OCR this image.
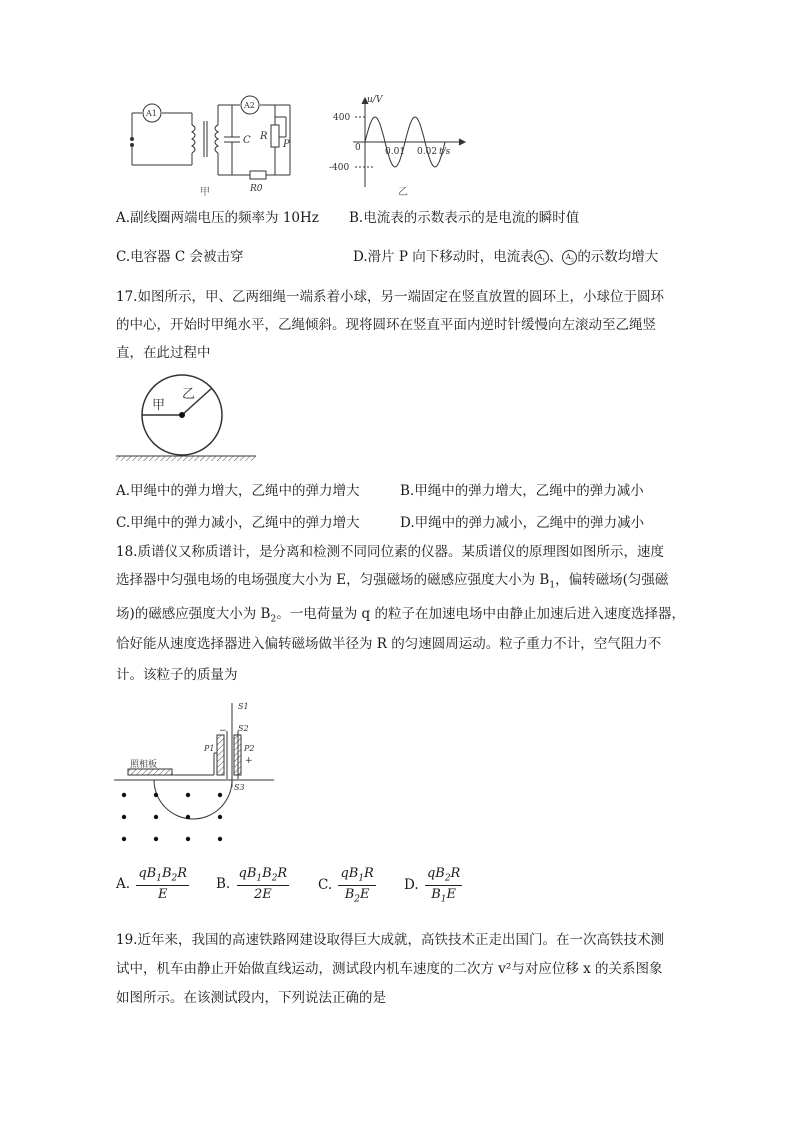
A1
A2
C R
P
R0
甲
u/V
400
-400
0	0.01 0.02 t/s
乙
A.副线圈两端电压的频率为 10Hz B.电流表的示数表示的是电流的瞬时值
C.电容器 C 会被击穿	D.滑片 P 向下移动时，电流表 $A_1$ 、 $A_2$ 的示数均增大
17.如图所示，甲、乙两细绳一端系着小球，另一端固定在竖直放置的圆环上，小球位于圆环
的中心，开始时甲绳水平，乙绳倾斜。现将圆环在竖直平面内逆时针缓慢向左滚动至乙绳竖
直，在此过程中
甲
乙
A.甲绳中的弹力增大，乙绳中的弹力增大	B.甲绳中的弹力增大，乙绳中的弹力减小
C.甲绳中的弹力减小，乙绳中的弹力增大	D.甲绳中的弹力减小，乙绳中的弹力减小
18.质谱仪又称质谱计，是分离和检测不同同位素的仪器。某质谱仪的原理图如图所示，速度
选择器中匀强电场的电场强度大小为 E，匀强磁场的磁感应强度大小为 $B_1$，偏转磁场(匀强磁
场)的磁感应强度大小为 $B_2$。一电荷量为 q 的粒子在加速电场中由静止加速后进入速度选择器，
恰好能从速度选择器进入偏转磁场做半径为 R 的匀速圆周运动。粒子重力不计，空气阻力不
计。该粒子的质量为
S1
S2
S3
P1	P2
−
+
照相板
A. $\frac{qB_1B_2R}{E} B$. $\frac{qB_1B_2R}{2E} C$. $\frac{qB_1R}{B_2E} D$. $\frac{qB_2R}{B_1E}$
19.近年来，我国的高速铁路网建设取得巨大成就，高铁技术正走出国门。在一次高铁技术测
试中，机车由静止开始做直线运动，测试段内机车速度的二次方 v²与对应位移 x 的关系图象
如图所示。在该测试段内，下列说法正确的是
